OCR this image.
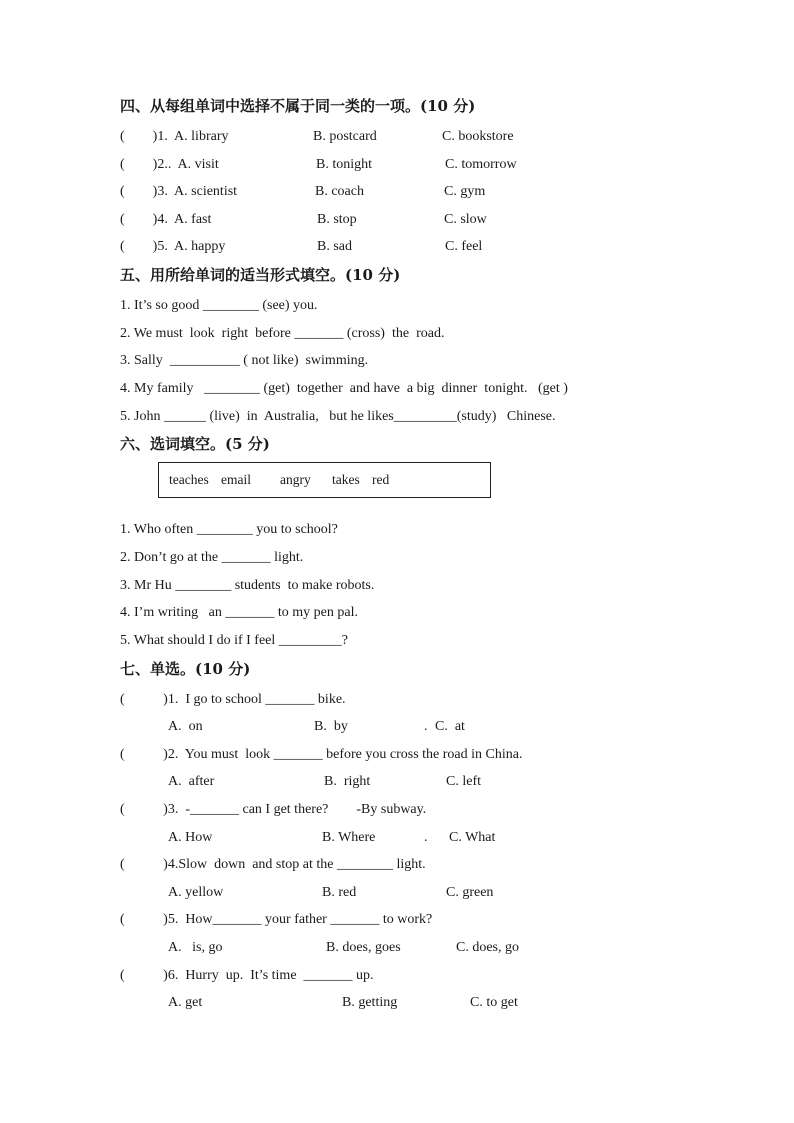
四、从每组单词中选择不属于同一类的一项。(10 分)
(        )1.  A. library	B. postcard	C. bookstore
(        )2..  A. visit	B. tonight	C. tomorrow
(        )3.  A. scientist	B. coach	C. gym
(        )4.  A. fast	B. stop	C. slow
(        )5.  A. happy	B. sad	C. feel
五、用所给单词的适当形式填空。(10 分)
1. It’s so good ________ (see) you.
2. We must  look  right  before _______ (cross)  the  road.
3. Sally  __________ ( not like)  swimming.
4. My family   ________ (get)  together  and have  a big  dinner  tonight.   (get )
5. John ______ (live)  in  Australia,   but he likes_________(study)   Chinese.
六、选词填空。(5 分)
teaches email angry takes red
1. Who often ________ you to school?
2. Don’t go at the _______ light.
3. Mr Hu ________ students  to make robots.
4. I’m writing   an _______ to my pen pal.
5. What should I do if I feel _________?
七、单选。(10 分)
(           )1.  I go to school _______ bike.
A.  on	B.  by	. C.  at
(           )2.  You must  look _______ before you cross the road in China.
A.  after	B.  right	C. left
(           )3.  -_______ can I get there?        -By subway.
A. How	B. Where	. C. What
(           )4.Slow  down  and stop at the ________ light.
A. yellow	B. red	C. green
(           )5.  How_______ your father _______ to work?
A.   is, go	B. does, goes	C. does, go
(           )6.  Hurry  up.  It’s time  _______ up.
A. get	B. getting	C. to get
